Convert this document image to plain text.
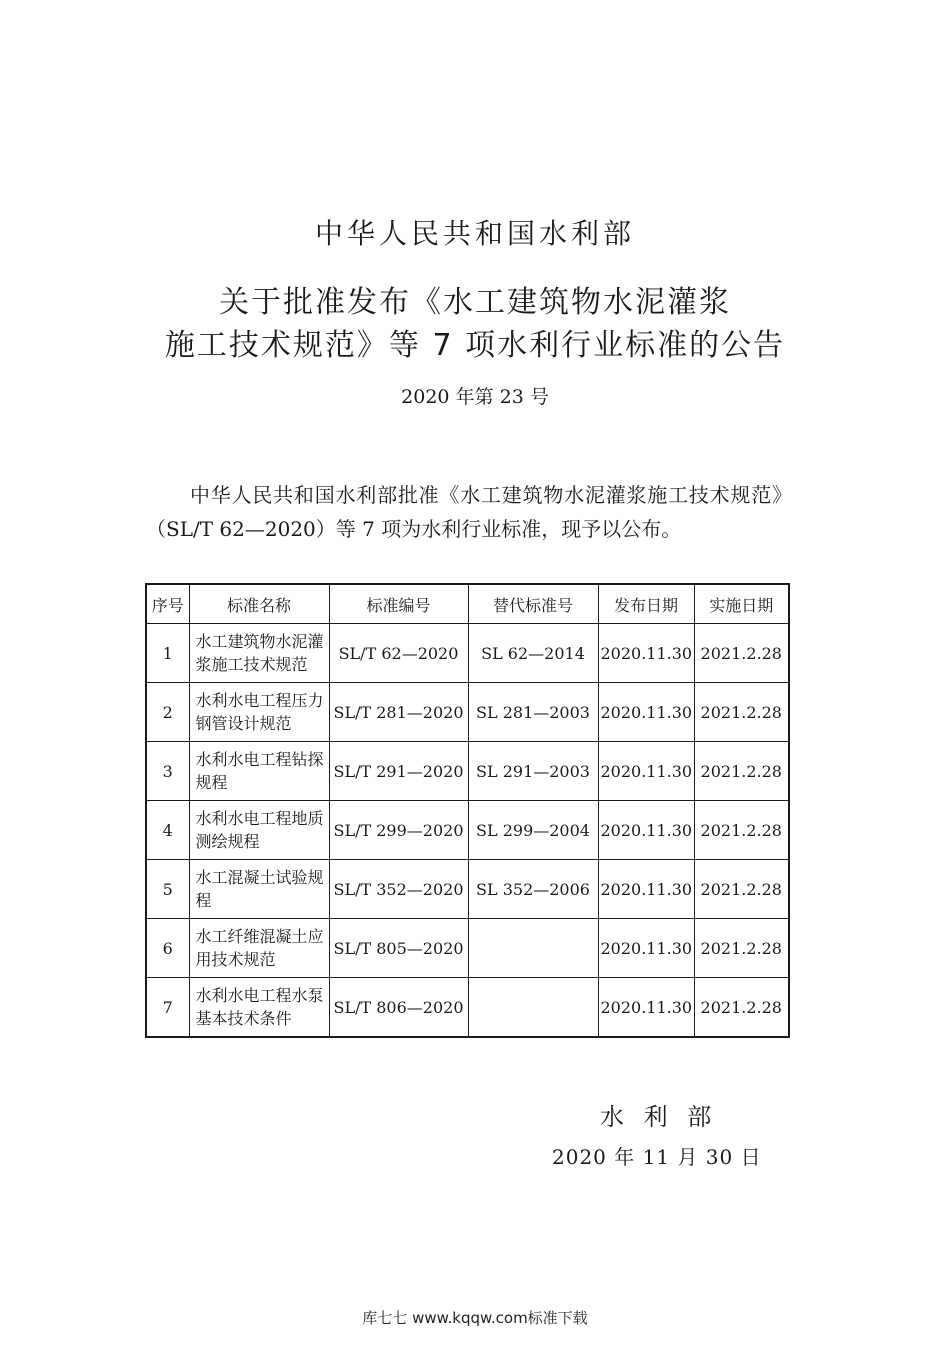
中华人民共和国水利部
关于批准发布《水工建筑物水泥灌浆
施工技术规范》等 7 项水利行业标准的公告
2020 年第 23 号
中华人民共和国水利部批准《水工建筑物水泥灌浆施工技术规范》（SL/T 62—2020）等 7 项为水利行业标准，现予以公布。
序号	标准名称	标准编号	替代标准号	发布日期	实施日期
1	水工建筑物水泥灌浆施工技术规范	SL/T 62—2020	SL 62—2014	2020.11.30	2021.2.28
2	水利水电工程压力钢管设计规范	SL/T 281—2020	SL 281—2003	2020.11.30	2021.2.28
3	水利水电工程钻探规程	SL/T 291—2020	SL 291—2003	2020.11.30	2021.2.28
4	水利水电工程地质测绘规程	SL/T 299—2020	SL 299—2004	2020.11.30	2021.2.28
5	水工混凝土试验规程	SL/T 352—2020	SL 352—2006	2020.11.30	2021.2.28
6	水工纤维混凝土应用技术规范	SL/T 805—2020		2020.11.30	2021.2.28
7	水利水电工程水泵基本技术条件	SL/T 806—2020		2020.11.30	2021.2.28
水 利 部
2020 年 11 月 30 日
库七七 www.kqqw.com标准下载
